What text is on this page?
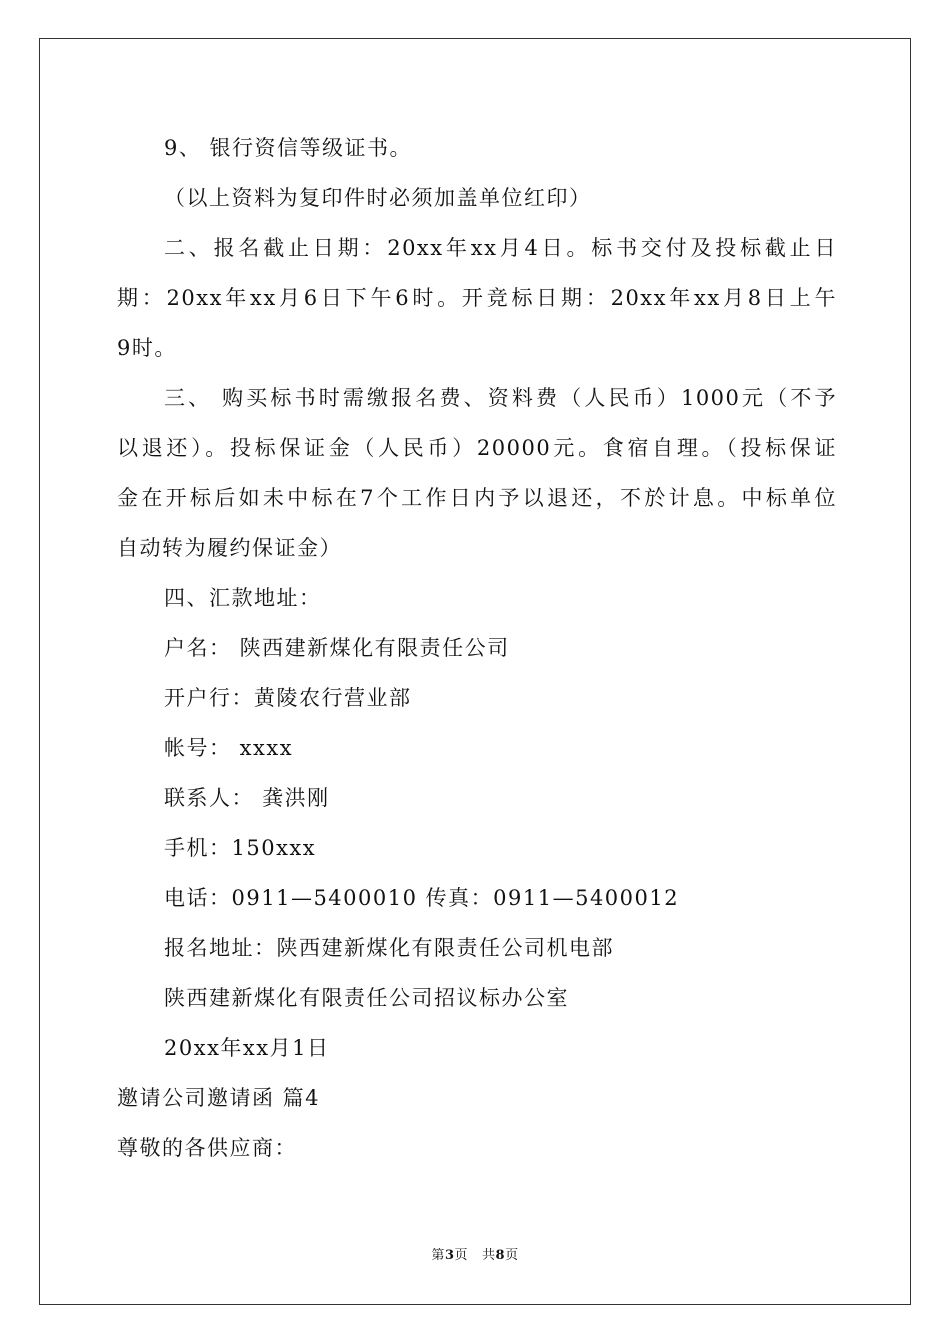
9、 银行资信等级证书。
（以上资料为复印件时必须加盖单位红印）
二、报名截止日期：20xx年xx月4日。标书交付及投标截止日
期：20xx年xx月6日下午6时。开竞标日期：20xx年xx月8日上午
9时。
三、 购买标书时需缴报名费、资料费（人民币）1000元（不予
以退还）。投标保证金（人民币）20000元。食宿自理。（投标保证
金在开标后如未中标在7个工作日内予以退还，不於计息。中标单位
自动转为履约保证金）
四、汇款地址：
户名： 陕西建新煤化有限责任公司
开户行：黄陵农行营业部
帐号： xxxx
联系人： 龚洪刚
手机：150xxx
电话：0911—5400010 传真：0911—5400012
报名地址：陕西建新煤化有限责任公司机电部
陕西建新煤化有限责任公司招议标办公室
20xx年xx月1日
邀请公司邀请函 篇4
尊敬的各供应商：
第3页 共8页
